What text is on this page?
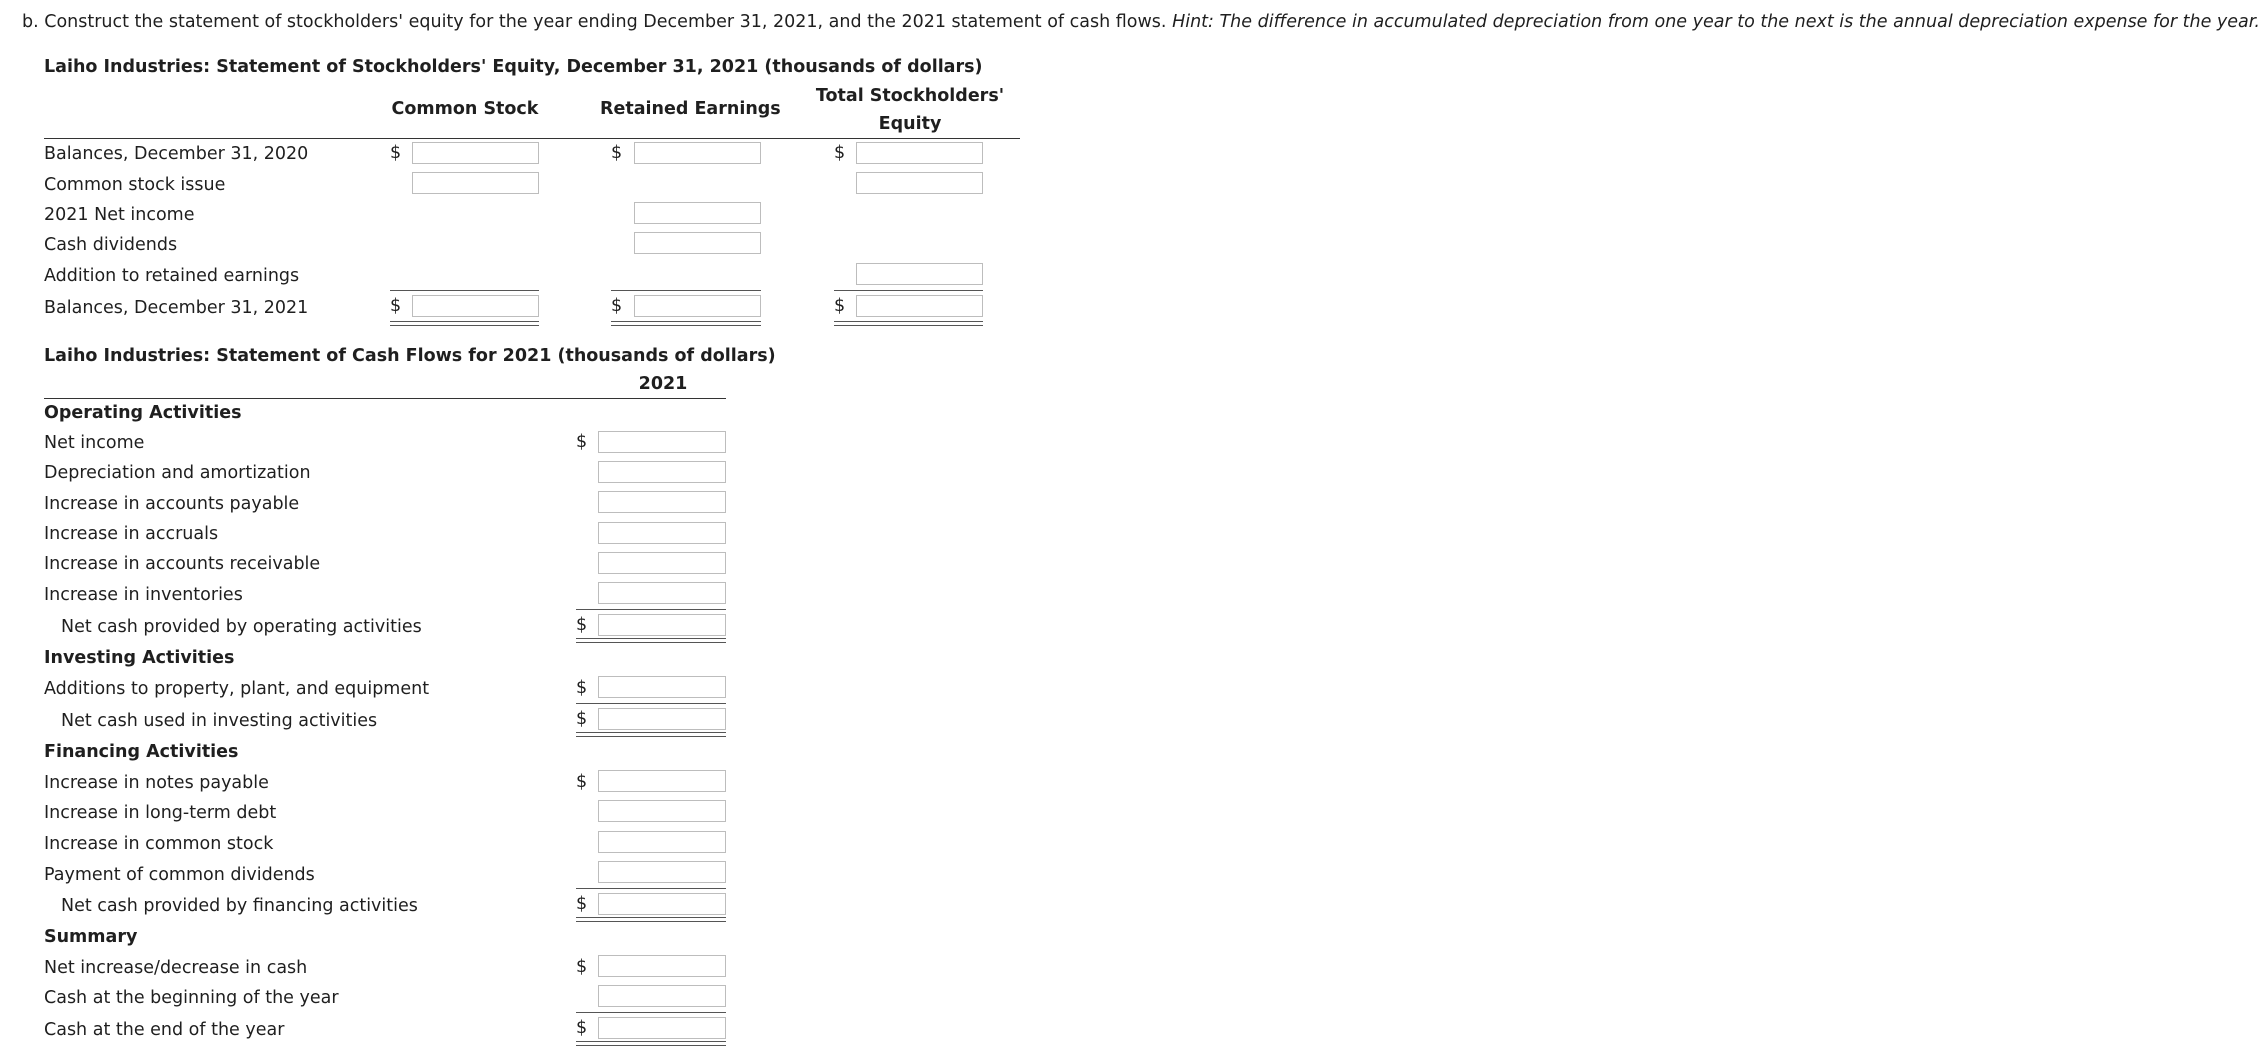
b. Construct the statement of stockholders' equity for the year ending December 31, 2021, and the 2021 statement of cash flows. Hint: The difference in accumulated depreciation from one year to the next is the annual depreciation expense for the year.
Laiho Industries: Statement of Stockholders' Equity, December 31, 2021 (thousands of dollars)
Common Stock	Retained Earnings
Total Stockholders'
Equity
Balances, December 31, 2020	$	$	$
Common stock issue
2021 Net income
Cash dividends
Addition to retained earnings
Balances, December 31, 2021	$	$	$
Laiho Industries: Statement of Cash Flows for 2021 (thousands of dollars)
2021
Operating Activities
Net income	$
Depreciation and amortization
Increase in accounts payable
Increase in accruals
Increase in accounts receivable
Increase in inventories
Net cash provided by operating activities	$
Investing Activities
Additions to property, plant, and equipment	$
Net cash used in investing activities	$
Financing Activities
Increase in notes payable	$
Increase in long-term debt
Increase in common stock
Payment of common dividends
Net cash provided by financing activities	$
Summary
Net increase/decrease in cash	$
Cash at the beginning of the year
Cash at the end of the year	$
